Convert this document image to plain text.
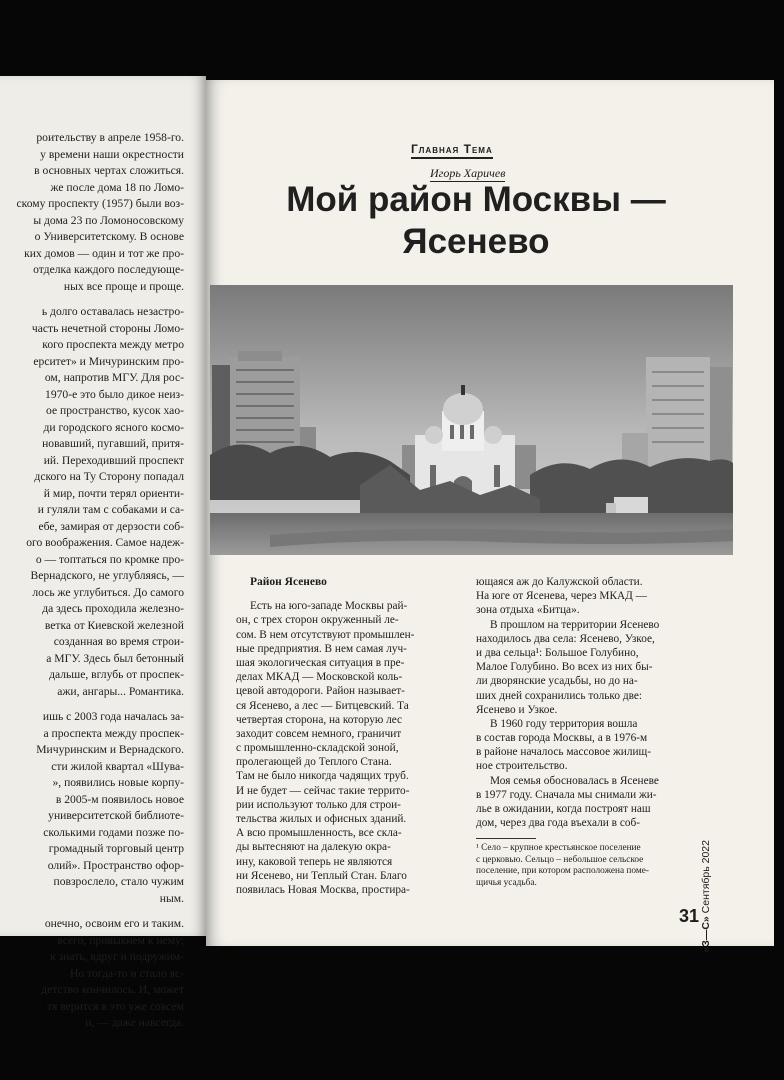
роительству в апреле 1958-го.
у времени наши окрестности
в основных чертах сложиться.
же после дома 18 по Ломо-
скому проспекту (1957) были воз-
ы дома 23 по Ломоносовскому
о Университетскому. В основе
ких домов — один и тот же про-
отделка каждого последующе-
ных все проще и проще.
ь долго оставалась незастро-
часть нечетной стороны Ломо-
кого проспекта между метро
ерситет» и Мичуринским про-
ом, напротив МГУ. Для рос-
1970-е это было дикое неиз-
ое пространство, кусок хао-
ди городского ясного космо-
новавший, пугавший, притя-
ий. Переходивший проспект
дского на Ту Сторону попадал
й мир, почти терял ориенти-
и гуляли там с собаками и са-
ебе, замирая от дерзости соб-
ого воображения. Самое надеж-
о — топтаться по кромке про-
Вернадского, не углубляясь, —
лось же углубиться. До самого
да здесь проходила железно-
ветка от Киевской железной
созданная во время строи-
а МГУ. Здесь был бетонный
дальше, вглубь от проспек-
ажи, ангары... Романтика.
ишь с 2003 года началась за-
а проспекта между проспек-
Мичуринским и Вернадского.
сти жилой квартал «Шува-
», появились новые корпу-
в 2005-м появилось новое
университетской библиоте-
сколькими годами позже по-
громадный торговый центр
олий». Пространство офор-
повзрослело, стало чужим
ным.
онечно, освоим его и таким.
всего, привыкнем к нему;
к знать, вдруг и подружим-
Но тогда-то и стало яс-
детство кончилось. И, может
тя верится в это уже совсем
и, — даже навсегда.
Главная Тема
Игорь Харичев
Мой район Москвы —
Ясенево
Район Ясенево
Есть на юго-западе Москвы рай-
он, с трех сторон окруженный ле-
сом. В нем отсутствуют промышлен-
ные предприятия. В нем самая луч-
шая экологическая ситуация в пре-
делах МКАД — Московской коль-
цевой автодороги. Район называет-
ся Ясенево, а лес — Битцевский. Та
четвертая сторона, на которую лес
заходит совсем немного, граничит
с промышленно-складской зоной,
пролегающей до Теплого Стана.
Там не было никогда чадящих труб.
И не будет — сейчас такие террито-
рии используют только для строи-
тельства жилых и офисных зданий.
А всю промышленность, все скла-
ды вытесняют на далекую окра-
ину, каковой теперь не являются
ни Ясенево, ни Теплый Стан. Благо
появилась Новая Москва, простира-
ющаяся аж до Калужской области.
На юге от Ясенева, через МКАД —
зона отдыха «Битца».
В прошлом на территории Ясенево
находилось два села: Ясенево, Узкое,
и два сельца¹: Большое Голубино,
Малое Голубино. Во всех из них бы-
ли дворянские усадьбы, но до на-
ших дней сохранились только две:
Ясенево и Узкое.
В 1960 году территория вошла
в состав города Москвы, а в 1976-м
в районе началось массовое жилищ-
ное строительство.
Моя семья обосновалась в Ясеневе
в 1977 году. Сначала мы снимали жи-
лье в ожидании, когда построят наш
дом, через два года въехали в соб-
¹ Село – крупное крестьянское поселение
с церковью. Сельцо – небольшое сельское
поселение, при котором расположена поме-
щичья усадьба.
«З—С» Сентябрь 2022
31
